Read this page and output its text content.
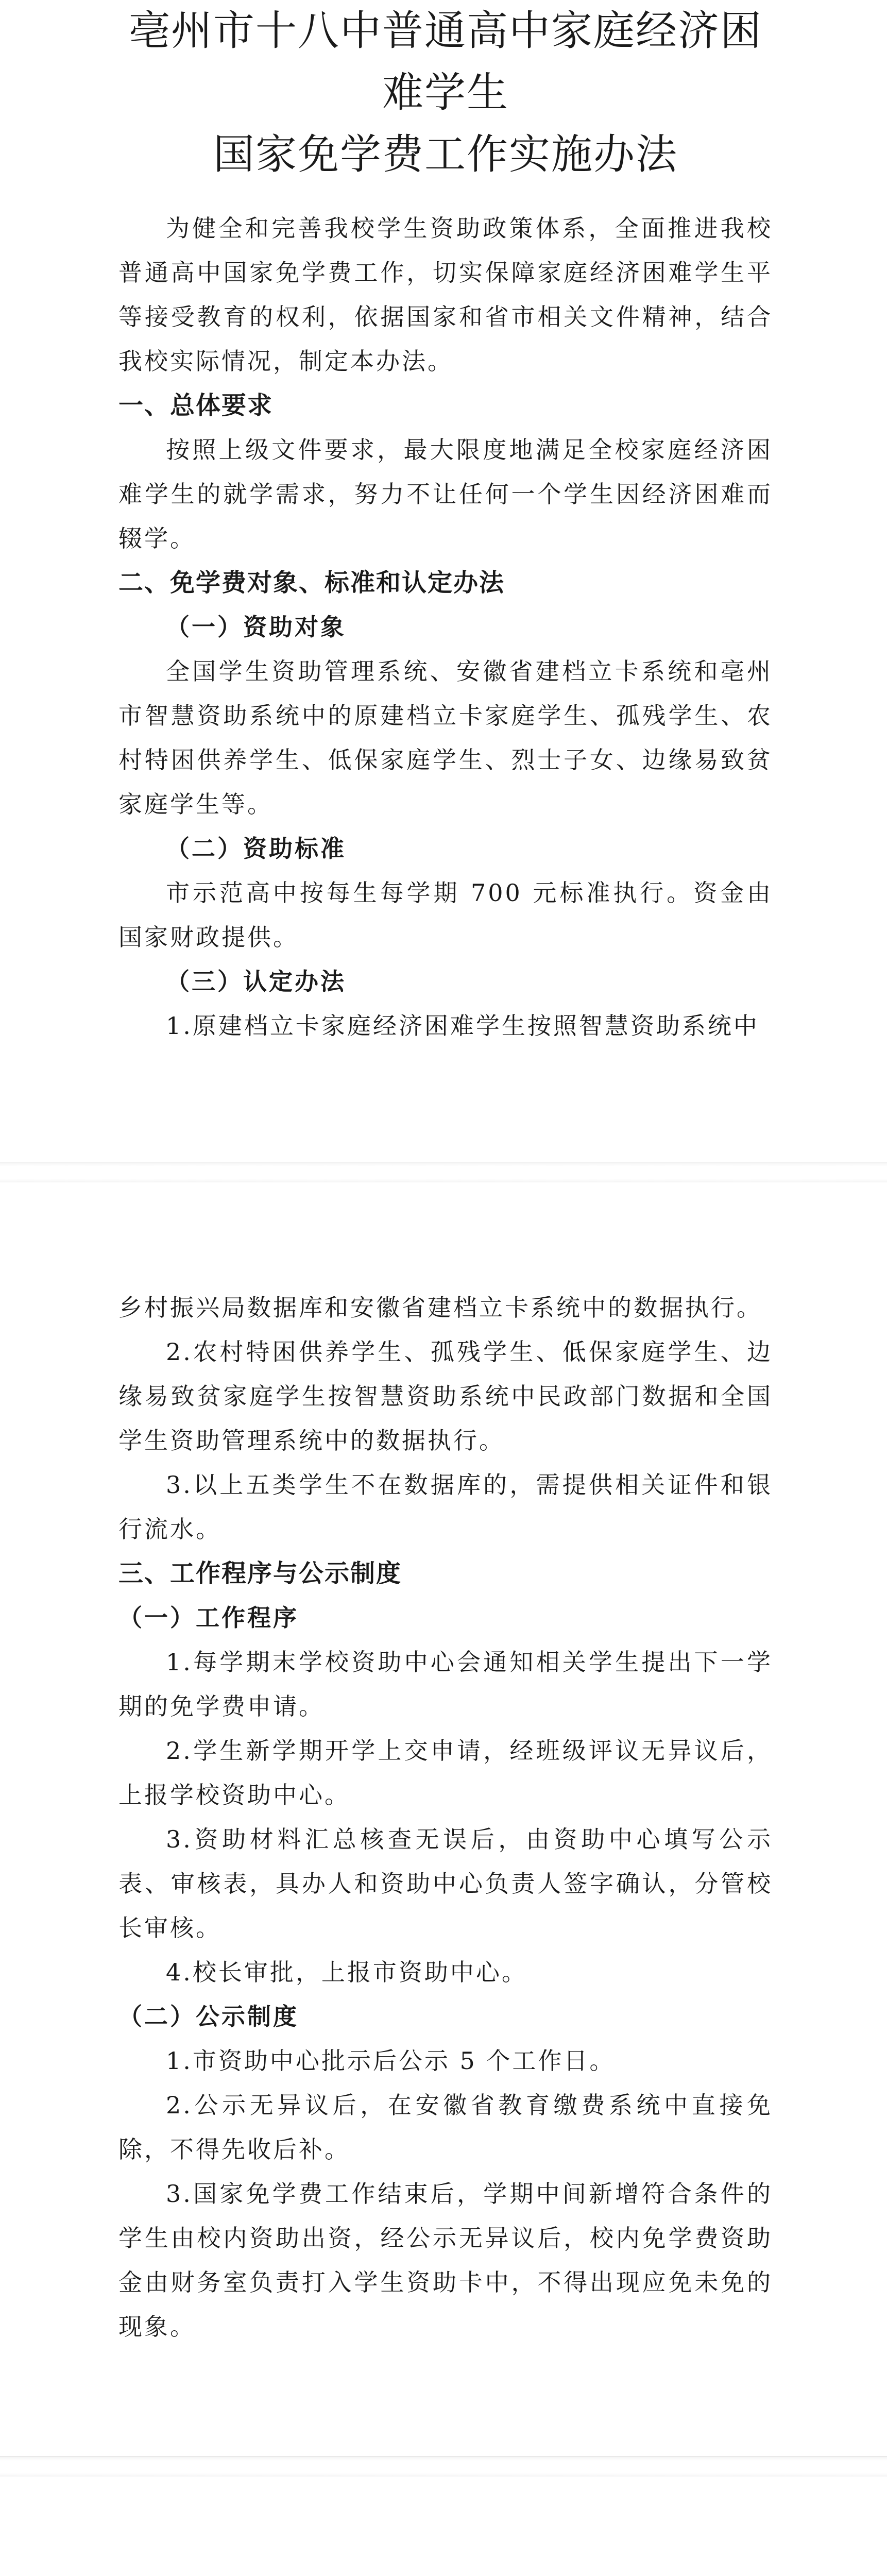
亳州市十八中普通高中家庭经济困难学生
国家免学费工作实施办法

为健全和完善我校学生资助政策体系，全面推进我校普通高中国家免学费工作，切实保障家庭经济困难学生平等接受教育的权利，依据国家和省市相关文件精神，结合我校实际情况，制定本办法。

一、总体要求

按照上级文件要求，最大限度地满足全校家庭经济困难学生的就学需求，努力不让任何一个学生因经济困难而辍学。

二、免学费对象、标准和认定办法
（一）资助对象

全国学生资助管理系统、安徽省建档立卡系统和亳州市智慧资助系统中的原建档立卡家庭学生、孤残学生、农村特困供养学生、低保家庭学生、烈士子女、边缘易致贫家庭学生等。

（二）资助标准

市示范高中按每生每学期 700 元标准执行。资金由国家财政提供。

（三）认定办法

1.原建档立卡家庭经济困难学生按照智慧资助系统中

乡村振兴局数据库和安徽省建档立卡系统中的数据执行。

2.农村特困供养学生、孤残学生、低保家庭学生、边缘易致贫家庭学生按智慧资助系统中民政部门数据和全国学生资助管理系统中的数据执行。

3.以上五类学生不在数据库的，需提供相关证件和银行流水。

三、工作程序与公示制度
（一）工作程序

1.每学期末学校资助中心会通知相关学生提出下一学期的免学费申请。

2.学生新学期开学上交申请，经班级评议无异议后，上报学校资助中心。

3.资助材料汇总核查无误后，由资助中心填写公示表、审核表，具办人和资助中心负责人签字确认，分管校长审核。

4.校长审批，上报市资助中心。

（二）公示制度

1.市资助中心批示后公示 5 个工作日。

2.公示无异议后，在安徽省教育缴费系统中直接免除，不得先收后补。

3.国家免学费工作结束后，学期中间新增符合条件的学生由校内资助出资，经公示无异议后，校内免学费资助金由财务室负责打入学生资助卡中，不得出现应免未免的现象。
